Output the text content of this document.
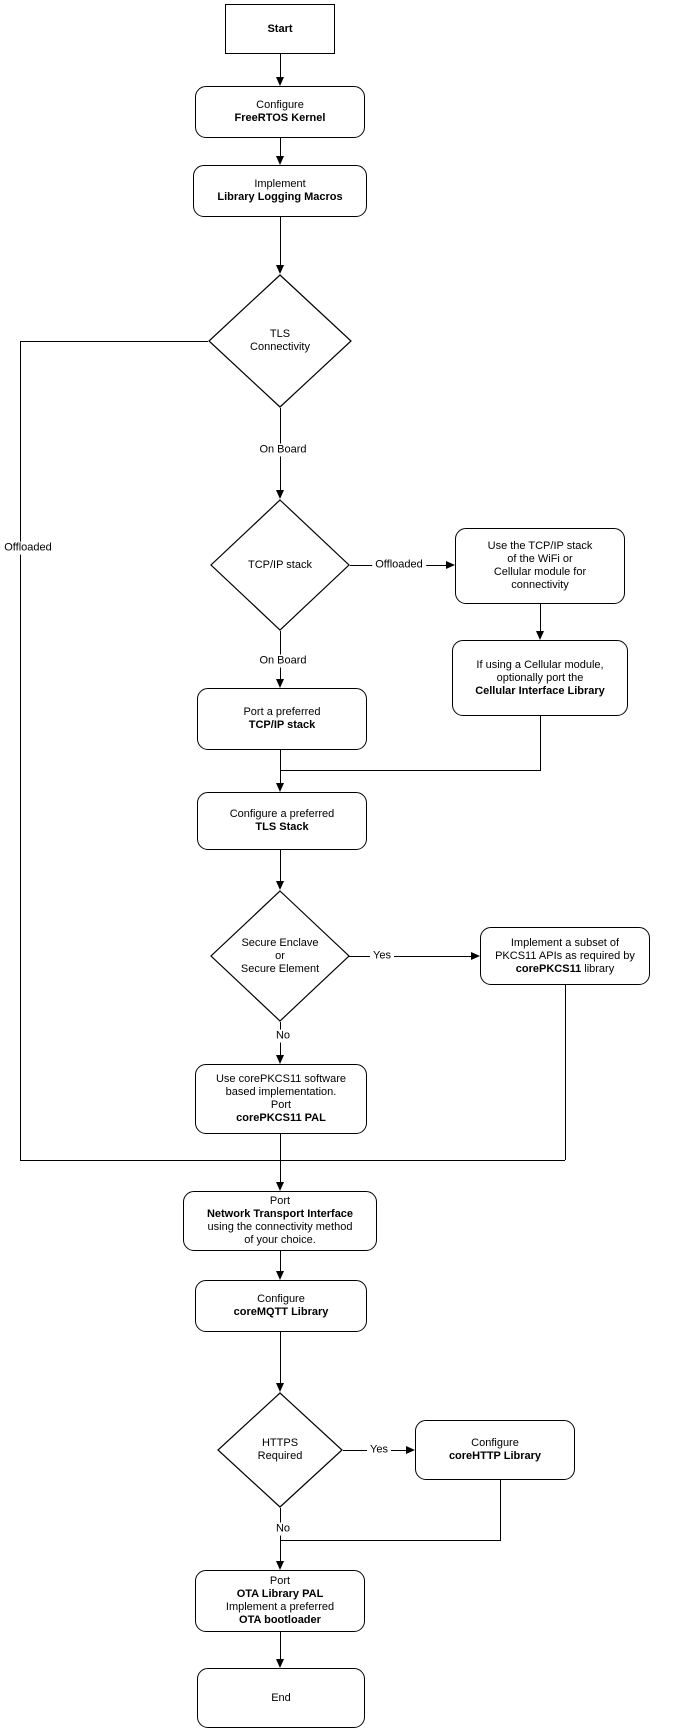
Offloaded
On Board
Offloaded
On Board
Yes
No
Yes
No
Start
Configure
FreeRTOS Kernel
Implement
Library Logging Macros
TLS
Connectivity
TCP/IP stack
Use the TCP/IP stack
of the WiFi or
Cellular module for
connectivity
If using a Cellular module,
optionally port the
Cellular Interface Library
Port a preferred
TCP/IP stack
Configure a preferred
TLS Stack
Secure Enclave
or
Secure Element
Implement a subset of
PKCS11 APIs as required by
corePKCS11 library
Use corePKCS11 software
based implementation.
Port
corePKCS11 PAL
Port
Network Transport Interface
using the connectivity method
of your choice.
Configure
coreMQTT Library
HTTPS
Required
Configure
coreHTTP Library
Port
OTA Library PAL
Implement a preferred
OTA bootloader
End
